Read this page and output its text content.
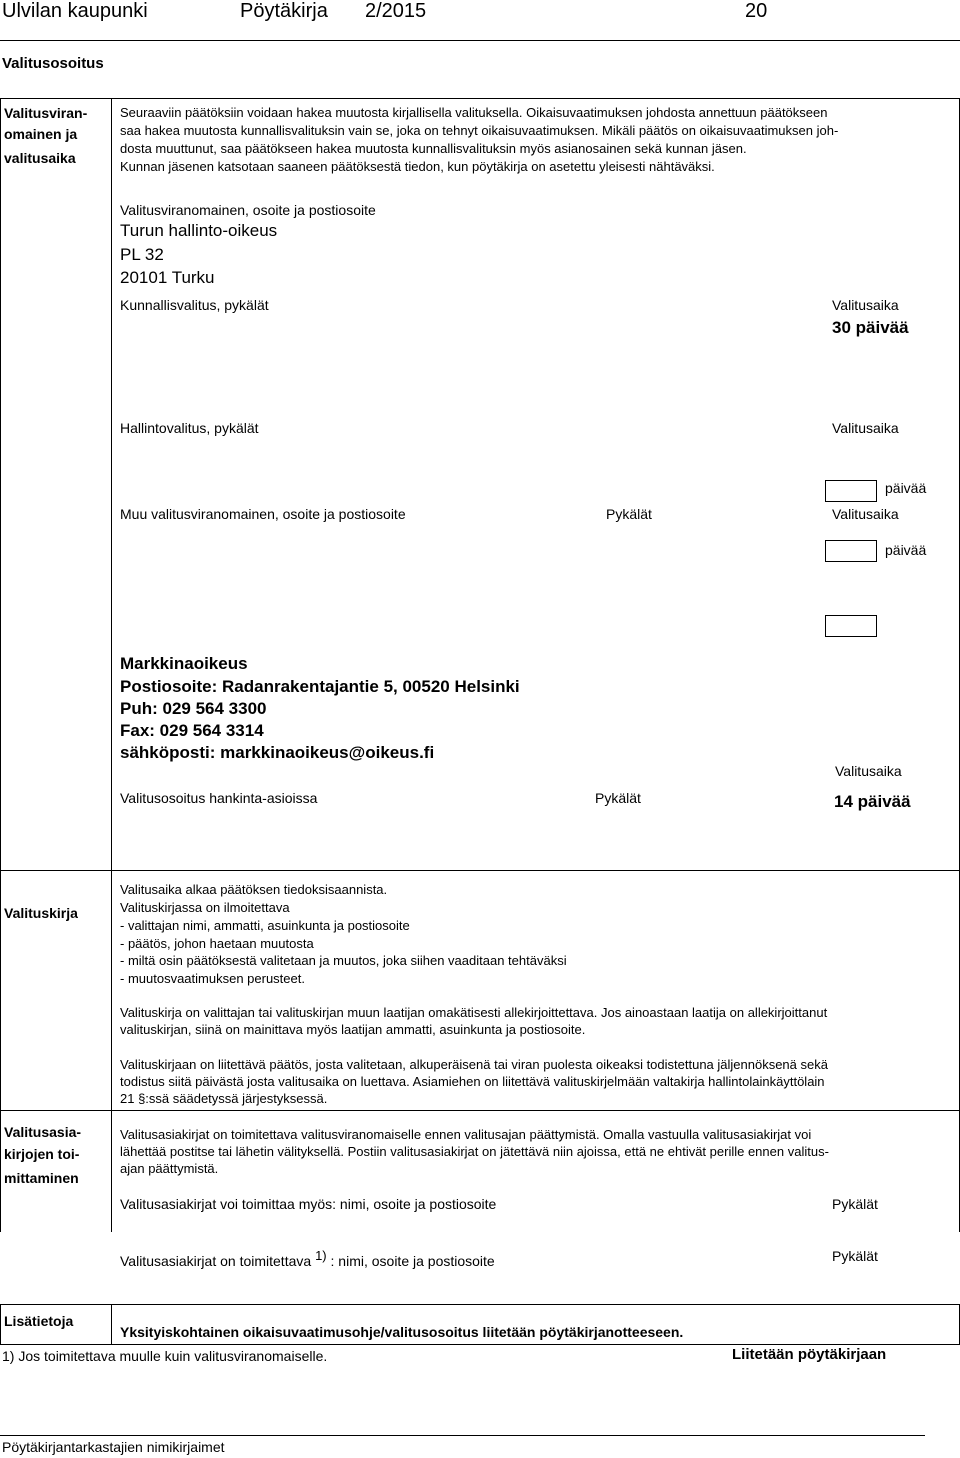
Ulvilan kaupunki	Pöytäkirja 2/2015	20
Valitusosoitus
Valitusviran-
omainen ja
valitusaika
Seuraaviin päätöksiin voidaan hakea muutosta kirjallisella valituksella. Oikaisuvaatimuksen johdosta annettuun päätökseen
saa hakea muutosta kunnallisvalituksin vain se, joka on tehnyt oikaisuvaatimuksen. Mikäli päätös on oikaisuvaatimuksen joh-
dosta muuttunut, saa päätökseen hakea muutosta kunnallisvalituksin myös asianosainen sekä kunnan jäsen.
Kunnan jäsenen katsotaan saaneen päätöksestä tiedon, kun pöytäkirja on asetettu yleisesti nähtäväksi.
Valitusviranomainen, osoite ja postiosoite
Turun hallinto-oikeus
PL 32
20101 Turku
Kunnallisvalitus, pykälät	Valitusaika
30 päivää
Hallintovalitus, pykälät	Valitusaika
päivää
Muu valitusviranomainen, osoite ja postiosoite	Pykälät	Valitusaika
päivää
Markkinaoikeus
Postiosoite: Radanrakentajantie 5, 00520 Helsinki
Puh: 029 564 3300
Fax: 029 564 3314
sähköposti: markkinaoikeus@oikeus.fi
Valitusaika
Valitusosoitus hankinta-asioissa	Pykälät	14 päivää
Valituskirja
Valitusaika alkaa päätöksen tiedoksisaannista.
Valituskirjassa on ilmoitettava
- valittajan nimi, ammatti, asuinkunta ja postiosoite
- päätös, johon haetaan muutosta
- miltä osin päätöksestä valitetaan ja muutos, joka siihen vaaditaan tehtäväksi
- muutosvaatimuksen perusteet.
Valituskirja on valittajan tai valituskirjan muun laatijan omakätisesti allekirjoittettava. Jos ainoastaan laatija on allekirjoittanut
valituskirjan, siinä on mainittava myös laatijan ammatti, asuinkunta ja postiosoite.
Valituskirjaan on liitettävä päätös, josta valitetaan, alkuperäisenä tai viran puolesta oikeaksi todistettuna jäljennöksenä sekä
todistus siitä päivästä josta valitusaika on luettava. Asiamiehen on liitettävä valituskirjelmään valtakirja hallintolainkäyttölain
21 §:ssä säädetyssä järjestyksessä.
Valitusasia-
kirjojen toi-
mittaminen
Valitusasiakirjat on toimitettava valitusviranomaiselle ennen valitusajan päättymistä. Omalla vastuulla valitusasiakirjat voi
lähettää postitse tai lähetin välityksellä. Postiin valitusasiakirjat on jätettävä niin ajoissa, että ne ehtivät perille ennen valitus-
ajan päättymistä.
Valitusasiakirjat voi toimittaa myös: nimi, osoite ja postiosoite	Pykälät
Valitusasiakirjat on toimitettava 1) : nimi, osoite ja postiosoite	Pykälät
Lisätietoja
Yksityiskohtainen oikaisuvaatimusohje/valitusosoitus liitetään pöytäkirjanotteeseen.
1) Jos toimitettava muulle kuin valitusviranomaiselle.	Liitetään pöytäkirjaan
Pöytäkirjantarkastajien nimikirjaimet
